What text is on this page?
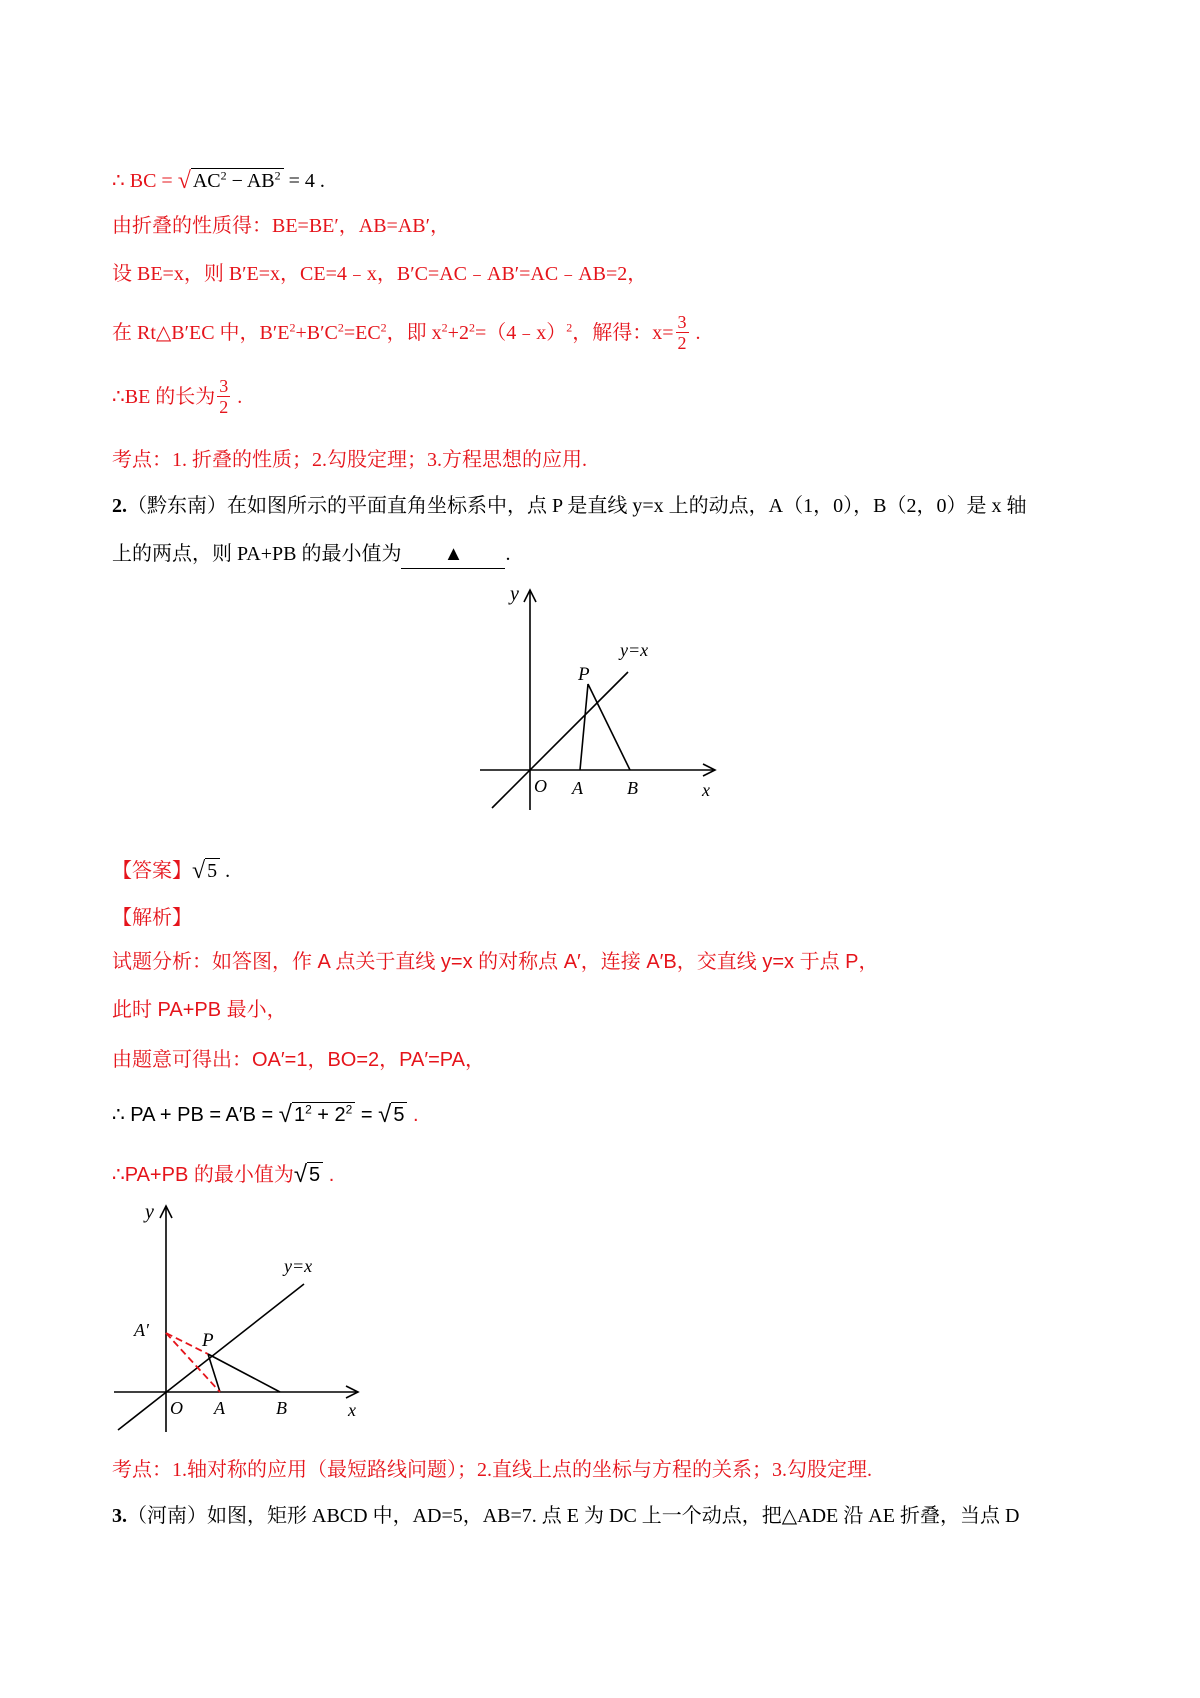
∴ BC = √ $AC^2 - AB^2 = 4$ .
由折叠的性质得：BE=BE′，AB=AB′，
设 BE=x，则 B′E=x，CE=4﹣x，B′C=AC﹣AB′=AC﹣AB=2，
在 Rt△B′EC 中，$B'E^2+B'C^2=EC^2$，即 $x^2+2^2=(4﹣x)^2$，解得：$x= \frac{3}{2}$ .
∴BE 的长为 $\frac{3}{2}$ .
考点：1. 折叠的性质；2.勾股定理；3.方程思想的应用.
2.（黔东南）在如图所示的平面直角坐标系中，点 P 是直线 y=x 上的动点，A（1，0），B（2，0）是 x 轴
上的两点，则 PA+PB 的最小值为 ▲ .
y
y=x
P
O A B	x
【答案】√ 5 .
【解析】
试题分析：如答图，作 A 点关于直线 y=x 的对称点 A′，连接 A′B，交直线 y=x 于点 P，
此时 PA+PB 最小，
由题意可得出：OA′=1，BO=2，PA′=PA，
∴ PA + PB = A′B = √ $1^2 + 2^2$ = √ 5 .
∴PA+PB 的最小值为√ 5 .
y
y=x
P
A′
O A	B	x
考点：1.轴对称的应用（最短路线问题）；2.直线上点的坐标与方程的关系；3.勾股定理.
3.（河南）如图，矩形 ABCD 中，AD=5，AB=7. 点 E 为 DC 上一个动点，把△ADE 沿 AE 折叠，当点 D
